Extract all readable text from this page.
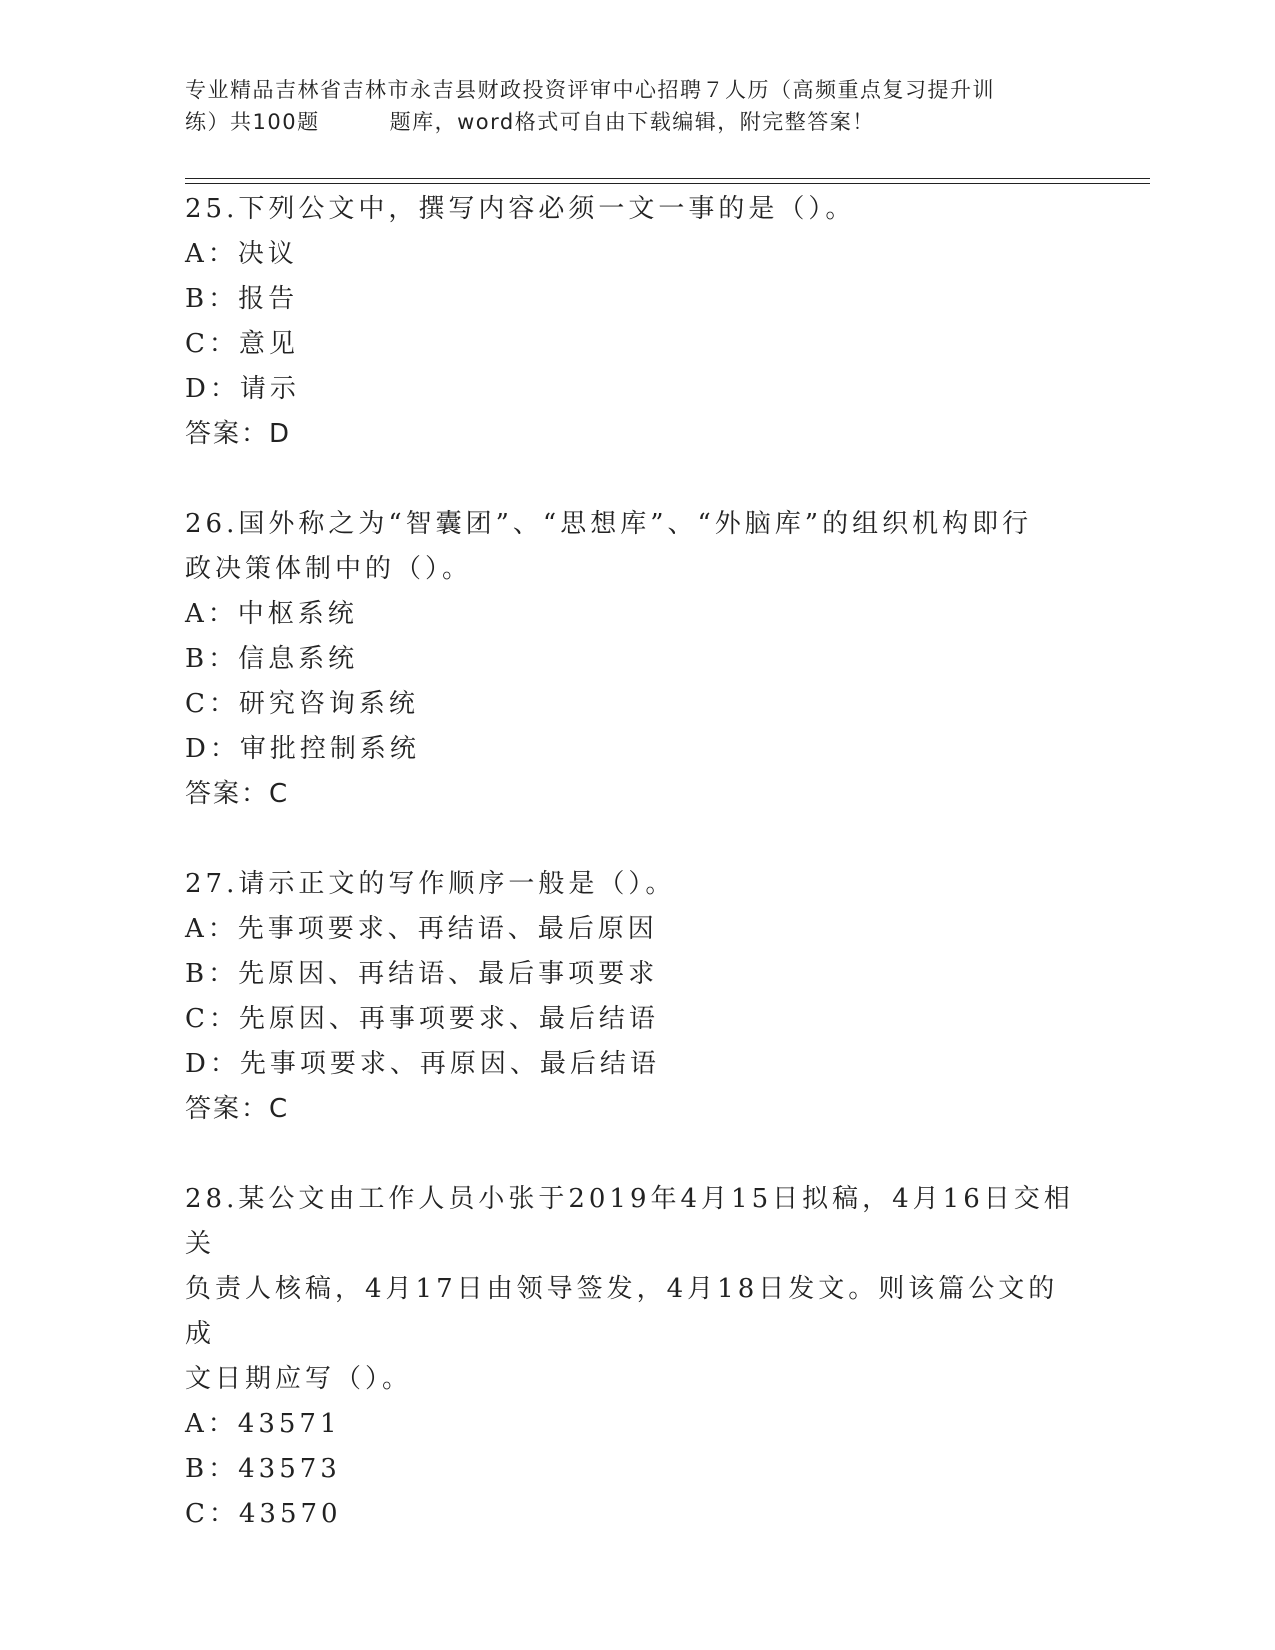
专业精品吉林省吉林市永吉县财政投资评审中心招聘７人历（高频重点复习提升训
练）共100题	题库，word格式可自由下载编辑，附完整答案！

25.下列公文中，撰写内容必须一文一事的是（）。

A：决议

B：报告

C：意见

D：请示

答案：D

26.国外称之为“智囊团”、“思想库”、“外脑库”的组织机构即行

政决策体制中的（）。

A：中枢系统

B：信息系统

C：研究咨询系统

D：审批控制系统

答案：C

27.请示正文的写作顺序一般是（）。

A：先事项要求、再结语、最后原因

B：先原因、再结语、最后事项要求

C：先原因、再事项要求、最后结语

D：先事项要求、再原因、最后结语

答案：C

28.某公文由工作人员小张于2019年4月15日拟稿，4月16日交相关

负责人核稿，4月17日由领导签发，4月18日发文。则该篇公文的成

文日期应写（）。

A：43571

B：43573

C：43570
